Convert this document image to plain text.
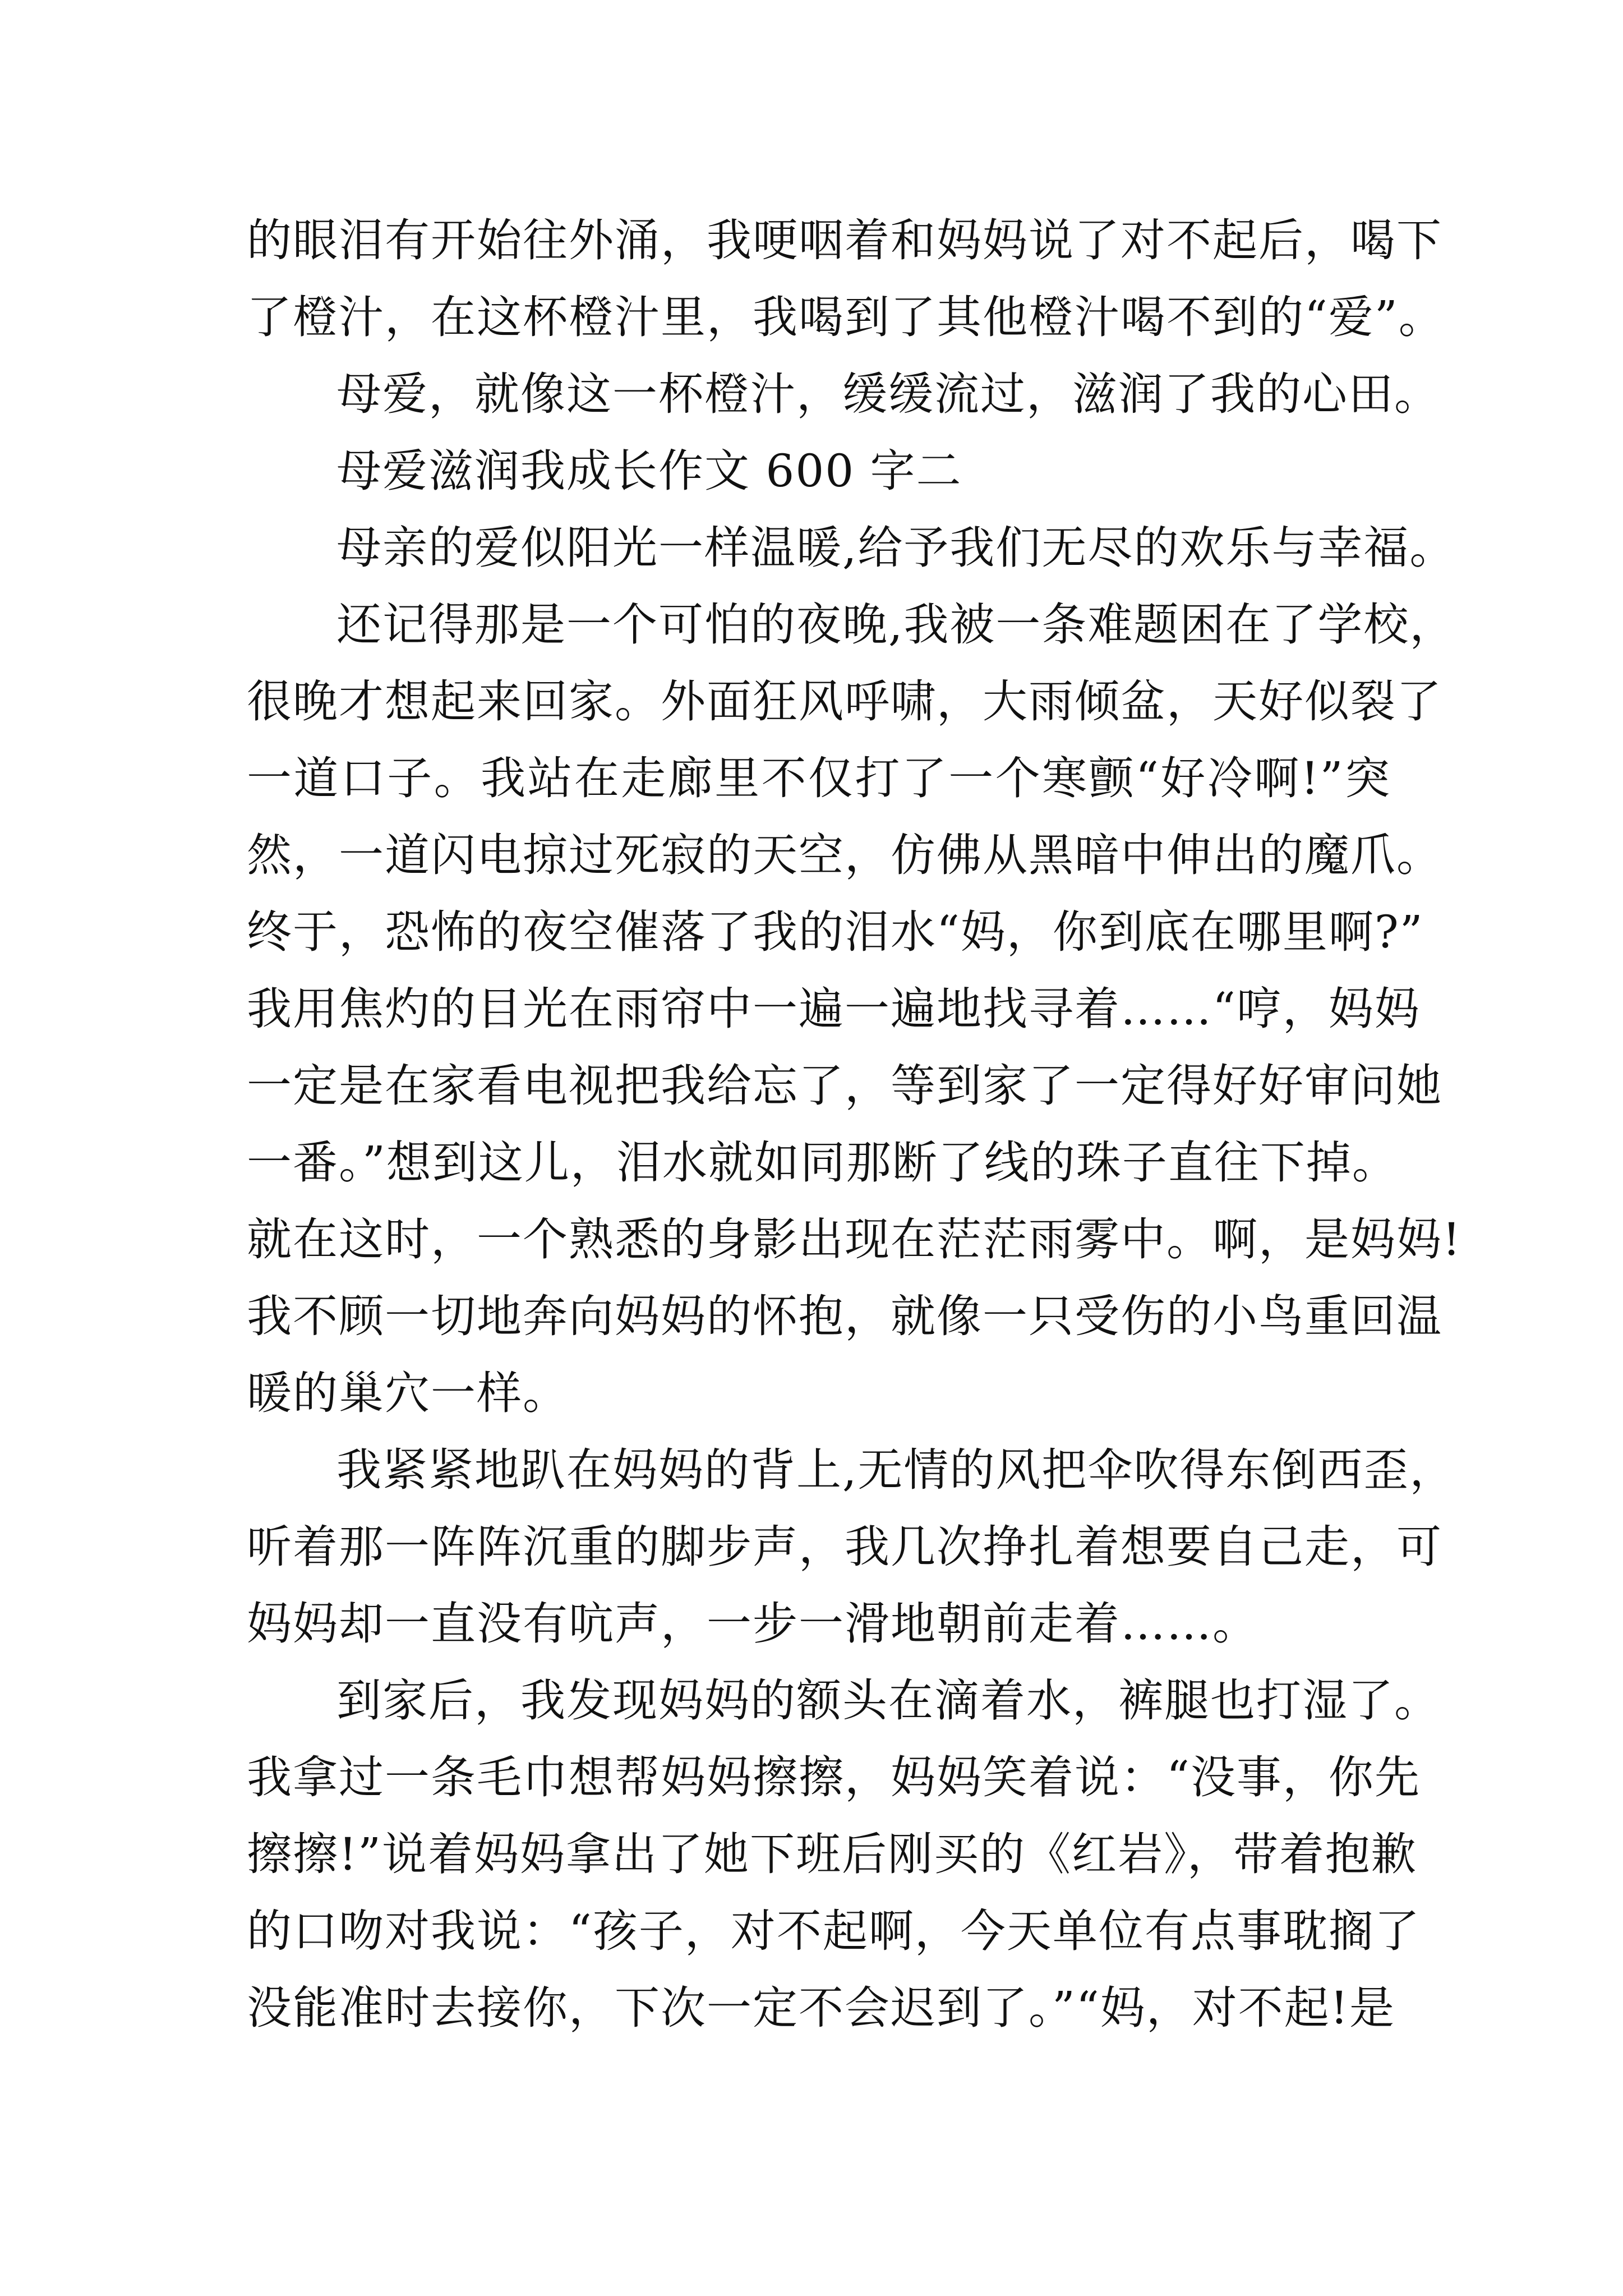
的眼泪有开始往外涌，我哽咽着和妈妈说了对不起后，喝下
了橙汁，在这杯橙汁里，我喝到了其他橙汁喝不到的“爱”。
母爱，就像这一杯橙汁，缓缓流过，滋润了我的心田。
母爱滋润我成长作文 600 字二
母亲的爱似阳光一样温暖,给予我们无尽的欢乐与幸福。
还记得那是一个可怕的夜晚,我被一条难题困在了学校，
很晚才想起来回家。外面狂风呼啸，大雨倾盆，天好似裂了
一道口子。我站在走廊里不仅打了一个寒颤“好冷啊!”突
然，一道闪电掠过死寂的天空，仿佛从黑暗中伸出的魔爪。
终于，恐怖的夜空催落了我的泪水“妈，你到底在哪里啊?”
我用焦灼的目光在雨帘中一遍一遍地找寻着……“哼，妈妈
一定是在家看电视把我给忘了，等到家了一定得好好审问她
一番。”想到这儿，泪水就如同那断了线的珠子直往下掉。
就在这时，一个熟悉的身影出现在茫茫雨雾中。啊，是妈妈!
我不顾一切地奔向妈妈的怀抱，就像一只受伤的小鸟重回温
暖的巢穴一样。
我紧紧地趴在妈妈的背上,无情的风把伞吹得东倒西歪，
听着那一阵阵沉重的脚步声，我几次挣扎着想要自己走，可
妈妈却一直没有吭声，一步一滑地朝前走着……。
到家后，我发现妈妈的额头在滴着水，裤腿也打湿了。
我拿过一条毛巾想帮妈妈擦擦，妈妈笑着说：“没事，你先
擦擦!”说着妈妈拿出了她下班后刚买的《红岩》，带着抱歉
的口吻对我说：“孩子，对不起啊，今天单位有点事耽搁了
没能准时去接你，下次一定不会迟到了。”“妈，对不起!是
